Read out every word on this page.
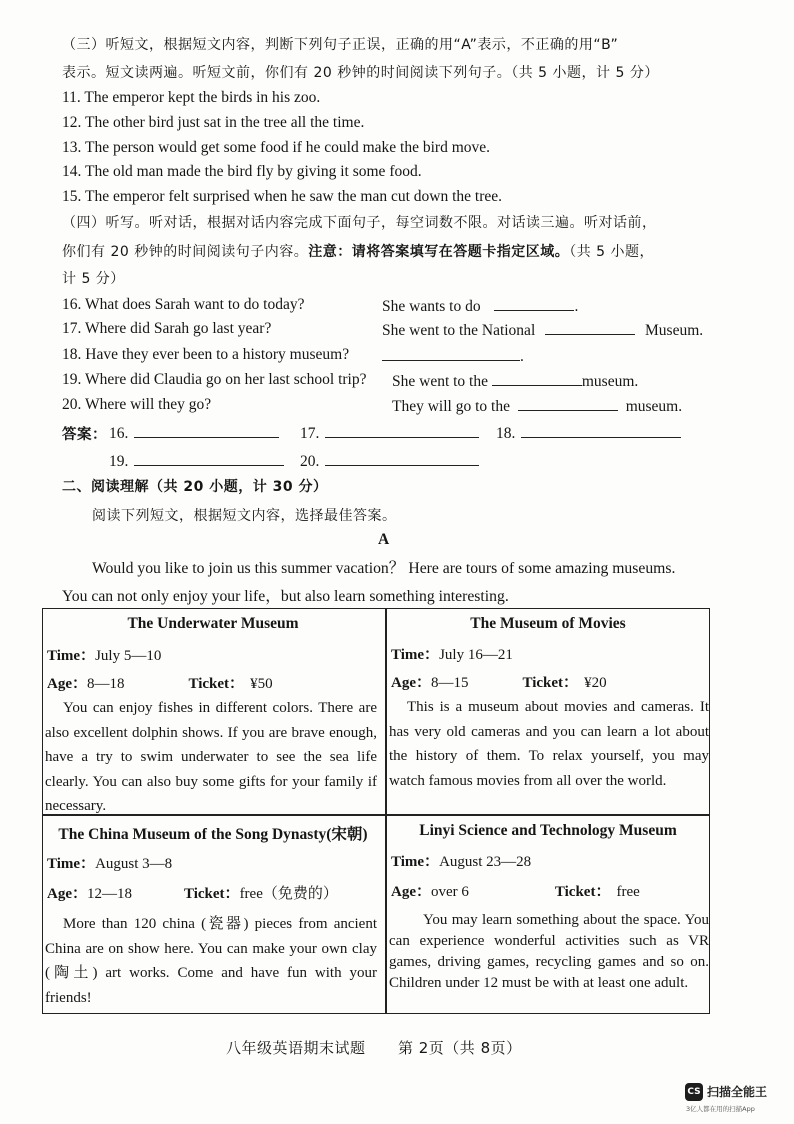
（三）听短文，根据短文内容，判断下列句子正误，正确的用“A”表示，不正确的用“B”
表示。短文读两遍。听短文前，你们有 20 秒钟的时间阅读下列句子。（共 5 小题，计 5 分）
11. The emperor kept the birds in his zoo.
12. The other bird just sat in the tree all the time.
13. The person would get some food if he could make the bird move.
14. The old man made the bird fly by giving it some food.
15. The emperor felt surprised when he saw the man cut down the tree.
（四）听写。听对话，根据对话内容完成下面句子，每空词数不限。对话读三遍。听对话前，
你们有 20 秒钟的时间阅读句子内容。注意：请将答案填写在答题卡指定区域。（共 5 小题，
计 5 分）
16. What does Sarah want to do today?	She wants to do	.
17. Where did Sarah go last year?	She went to the National	Museum.
18. Have they ever been to a history museum?	.
19. Where did Claudia go on her last school trip? She went to the	museum.
20. Where will they go?	They will go to the	museum.
答案： 16.	17.	18.
19.	20.
二、阅读理解（共 20 小题，计 30 分）
阅读下列短文，根据短文内容，选择最佳答案。
A
Would you like to join us this summer vacation？ Here are tours of some amazing museums.
You can not only enjoy your life，but also learn something interesting.
The Underwater Museum
Time：July 5—10
Age：8—18	Ticket： ¥50
You can enjoy fishes in different colors. There are also excellent dolphin shows. If you are brave enough, have a try to swim underwater to see the sea life clearly. You can also buy some gifts for your family if necessary.
The Museum of Movies
Time：July 16—21
Age：8—15	Ticket： ¥20
This is a museum about movies and cameras. It has very old cameras and you can learn a lot about the history of them. To relax yourself, you may watch famous movies from all over the world.
The China Museum of the Song Dynasty(宋朝)
Time：August 3—8
Age：12—18	Ticket：free（免费的）
More than 120 china (瓷器) pieces from ancient China are on show here. You can make your own clay (陶土) art works. Come and have fun with your friends!
Linyi Science and Technology Museum
Time：August 23—28
Age：over 6	Ticket： free
You may learn something about the space. You can experience wonderful activities such as VR games, driving games, recycling games and so on. Children under 12 must be with at least one adult.
八年级英语期末试题 第 2页（共 8页）
CS 扫描全能王
3亿人都在用的扫描App
